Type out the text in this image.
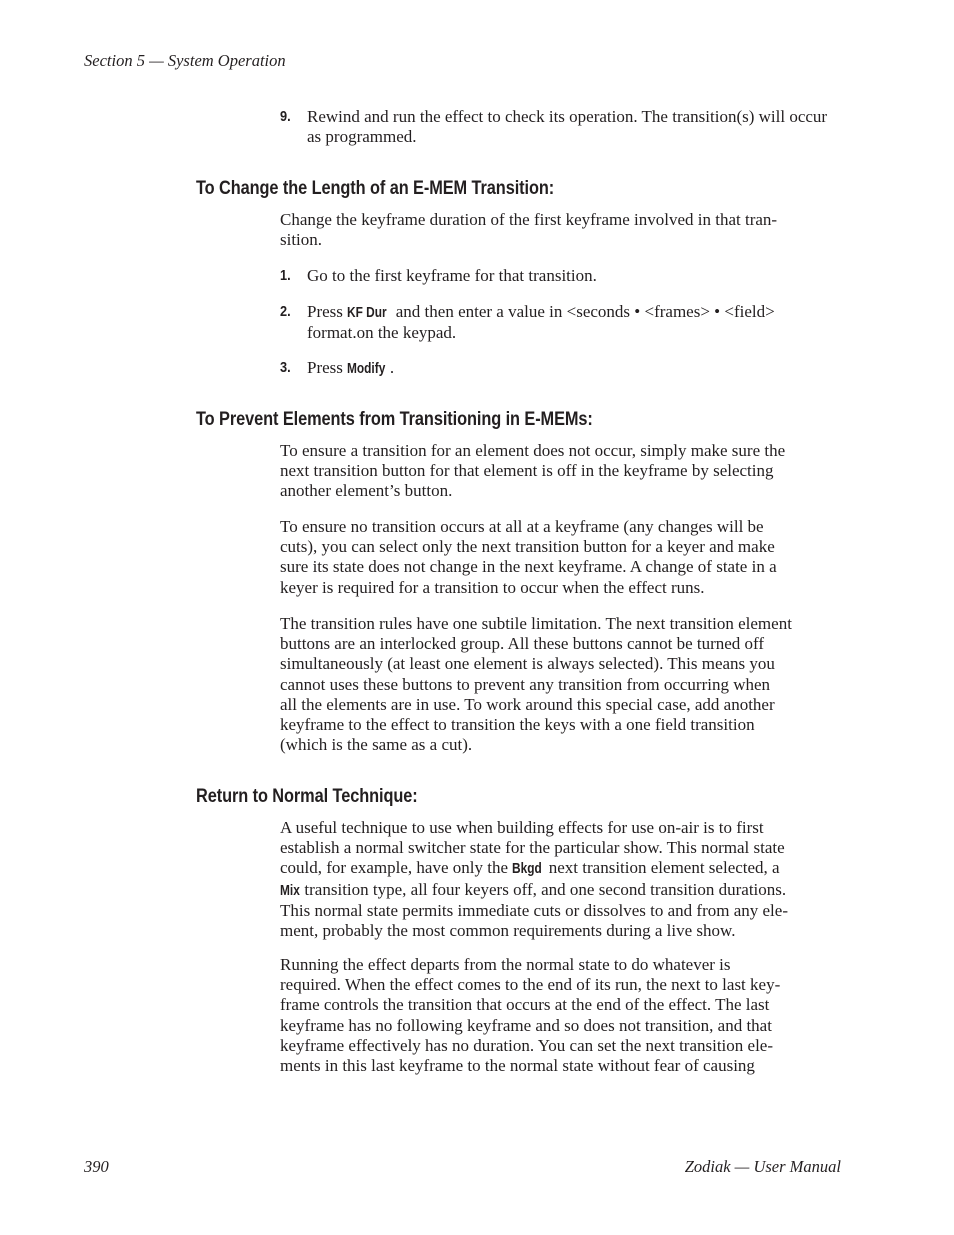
Section 5 — System Operation
9. Rewind and run the effect to check its operation. The transition(s) will occur as programmed.
To Change the Length of an E-MEM Transition:
Change the keyframe duration of the first keyframe involved in that tran-
sition.
1. Go to the first keyframe for that transition.
2. Press KF Dur and then enter a value in <seconds • <frames> • <field>
format.on the keypad.
3. Press Modify .
To Prevent Elements from Transitioning in E-MEMs:
To ensure a transition for an element does not occur, simply make sure the
next transition button for that element is off in the keyframe by selecting
another element’s button.
To ensure no transition occurs at all at a keyframe (any changes will be
cuts), you can select only the next transition button for a keyer and make
sure its state does not change in the next keyframe. A change of state in a
keyer is required for a transition to occur when the effect runs.
The transition rules have one subtile limitation. The next transition element
buttons are an interlocked group. All these buttons cannot be turned off
simultaneously (at least one element is always selected). This means you
cannot uses these buttons to prevent any transition from occurring when
all the elements are in use. To work around this special case, add another
keyframe to the effect to transition the keys with a one field transition
(which is the same as a cut).
Return to Normal Technique:
A useful technique to use when building effects for use on-air is to first
establish a normal switcher state for the particular show. This normal state
could, for example, have only the Bkgd next transition element selected, a
Mix transition type, all four keyers off, and one second transition durations.
This normal state permits immediate cuts or dissolves to and from any ele-
ment, probably the most common requirements during a live show.
Running the effect departs from the normal state to do whatever is
required. When the effect comes to the end of its run, the next to last key-
frame controls the transition that occurs at the end of the effect. The last
keyframe has no following keyframe and so does not transition, and that
keyframe effectively has no duration. You can set the next transition ele-
ments in this last keyframe to the normal state without fear of causing
390	Zodiak — User Manual
